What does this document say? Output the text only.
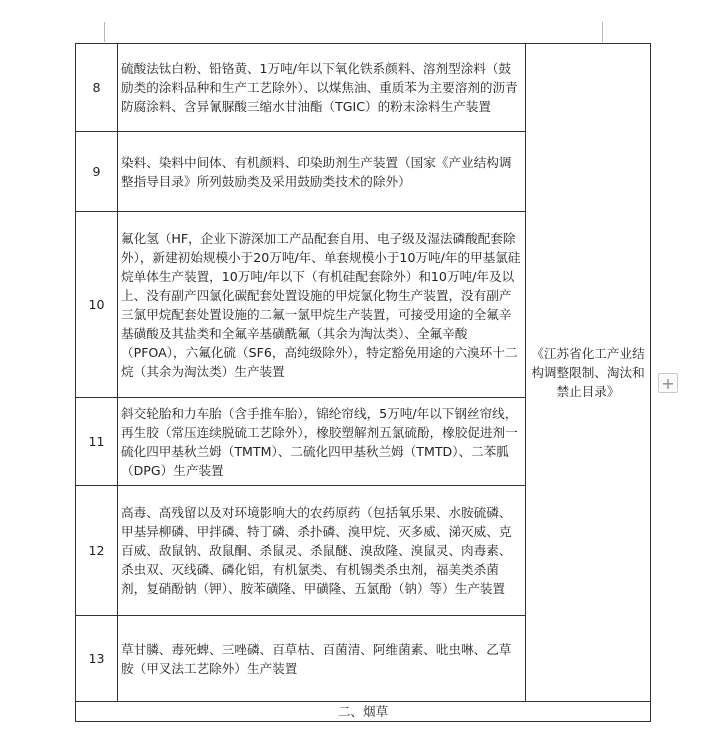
8	硫酸法钛白粉、铅铬黄、1万吨/年以下氧化铁系颜料、溶剂型涂料（鼓励类的涂料品种和生产工艺除外）、以煤焦油、重质苯为主要溶剂的沥青防腐涂料、含异氰脲酸三缩水甘油酯（TGIC）的粉末涂料生产装置	《江苏省化工产业结构调整限制、淘汰和禁止目录》

9	染料、染料中间体、有机颜料、印染助剂生产装置（国家《产业结构调整指导目录》所列鼓励类及采用鼓励类技术的除外）	

10	氟化氢（HF，企业下游深加工产品配套自用、电子级及湿法磷酸配套除外），新建初始规模小于20万吨/年、单套规模小于10万吨/年的甲基氯硅烷单体生产装置，10万吨/年以下（有机硅配套除外）和10万吨/年及以上、没有副产四氯化碳配套处置设施的甲烷氯化物生产装置，没有副产三氯甲烷配套处置设施的二氟一氯甲烷生产装置，可接受用途的全氟辛基磺酸及其盐类和全氟辛基磺酰氟（其余为淘汰类）、全氟辛酸（PFOA），六氟化硫（SF6，高纯级除外），特定豁免用途的六溴环十二烷（其余为淘汰类）生产装置	

11	斜交轮胎和力车胎（含手推车胎），锦纶帘线，5万吨/年以下钢丝帘线，再生胶（常压连续脱硫工艺除外），橡胶塑解剂五氯硫酚，橡胶促进剂一硫化四甲基秋兰姆（TMTM）、二硫化四甲基秋兰姆（TMTD）、二苯胍（DPG）生产装置	

12	高毒、高残留以及对环境影响大的农药原药（包括氧乐果、水胺硫磷、甲基异柳磷、甲拌磷、特丁磷、杀扑磷、溴甲烷、灭多威、涕灭威、克百威、敌鼠钠、敌鼠酮、杀鼠灵、杀鼠醚、溴敌隆、溴鼠灵、肉毒素、杀虫双、灭线磷、磷化铝，有机氯类、有机锡类杀虫剂，福美类杀菌剂，复硝酚钠（钾）、胺苯磺隆、甲磺隆、五氯酚（钠）等）生产装置	

13	草甘膦、毒死蜱、三唑磷、百草枯、百菌清、阿维菌素、吡虫啉、乙草胺（甲叉法工艺除外）生产装置	

二、烟草		
+
